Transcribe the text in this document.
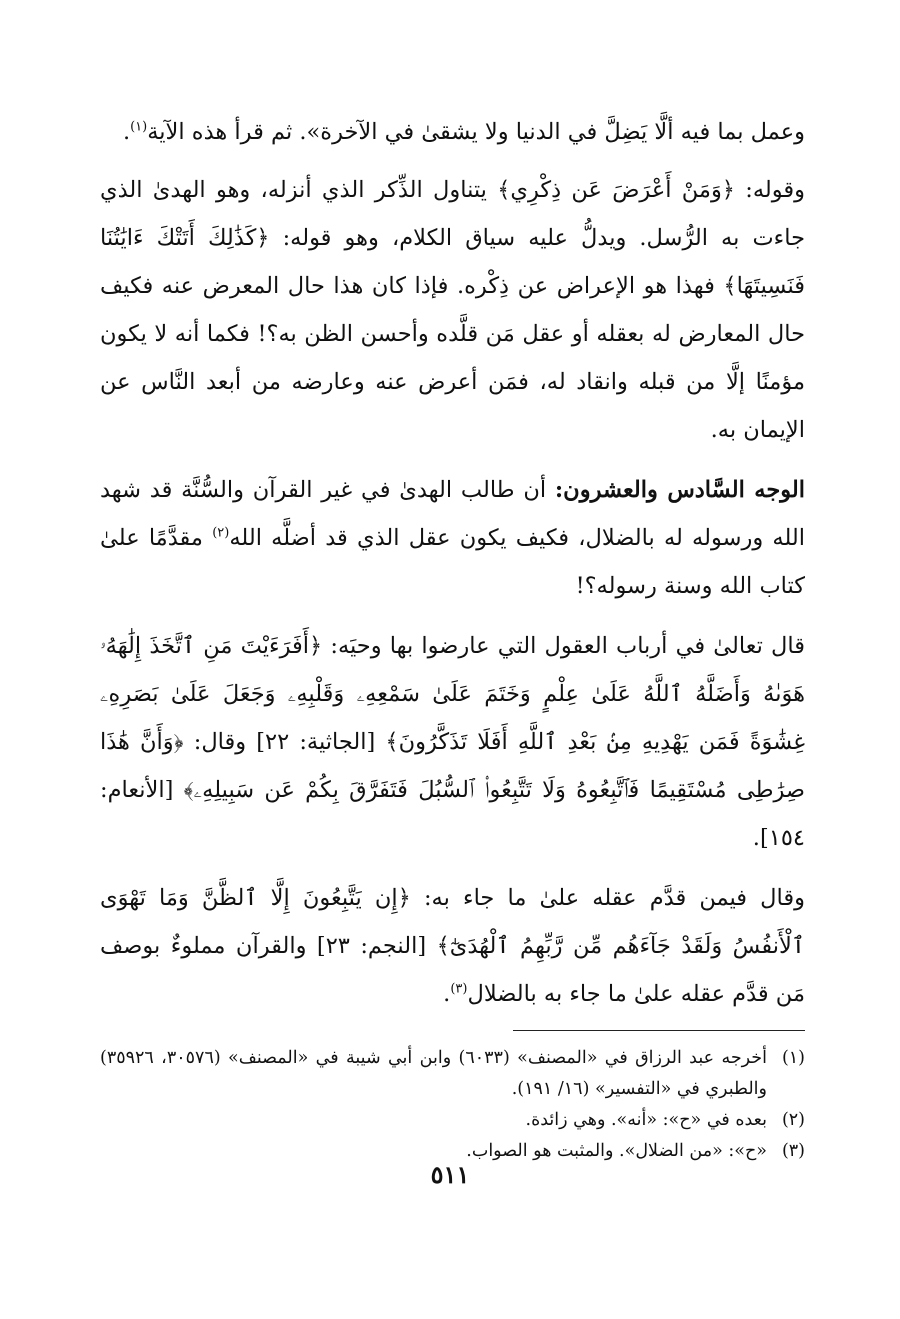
وعمل بما فيه ألَّا يَضِلَّ في الدنيا ولا يشقىٰ في الآخرة». ثم قرأ هذه الآية$^{(١)}$.

وقوله: ﴿وَمَنْ أَعْرَضَ عَن ذِكْرِي﴾ يتناول الذِّكر الذي أنزله، وهو الهدىٰ الذي جاءت به الرُّسل. ويدلُّ عليه سياق الكلام، وهو قوله: ﴿كَذَٰلِكَ أَتَتْكَ ءَايَٰتُنَا فَنَسِيتَهَا﴾ فهذا هو الإعراض عن ذِكْره. فإذا كان هذا حال المعرض عنه فكيف حال المعارض له بعقله أو عقل مَن قلَّده وأحسن الظن به؟! فكما أنه لا يكون مؤمنًا إلَّا من قبله وانقاد له، فمَن أعرض عنه وعارضه من أبعد النَّاس عن الإيمان به.

الوجه السَّادس والعشرون: أن طالب الهدىٰ في غير القرآن والسُّنَّة قد شهد الله ورسوله له بالضلال، فكيف يكون عقل الذي قد أضلَّه الله$^{(٢)}$ مقدَّمًا علىٰ كتاب الله وسنة رسوله؟!

قال تعالىٰ في أرباب العقول التي عارضوا بها وحيَه: ﴿أَفَرَءَيْتَ مَنِ ٱتَّخَذَ إِلَٰهَهُۥ هَوَىٰهُ وَأَضَلَّهُ ٱللَّهُ عَلَىٰ عِلْمٍ وَخَتَمَ عَلَىٰ سَمْعِهِۦ وَقَلْبِهِۦ وَجَعَلَ عَلَىٰ بَصَرِهِۦ غِشَٰوَةً فَمَن يَهْدِيهِ مِنۢ بَعْدِ ٱللَّهِ أَفَلَا تَذَكَّرُونَ﴾ [الجاثية: ٢٢] وقال: ﴿وَأَنَّ هَٰذَا صِرَٰطِى مُسْتَقِيمًا فَٱتَّبِعُوهُ وَلَا تَتَّبِعُوا۟ ٱلسُّبُلَ فَتَفَرَّقَ بِكُمْ عَن سَبِيلِهِۦ﴾ [الأنعام: ١٥٤].

وقال فيمن قدَّم عقله علىٰ ما جاء به: ﴿إِن يَتَّبِعُونَ إِلَّا ٱلظَّنَّ وَمَا تَهْوَى ٱلْأَنفُسُ وَلَقَدْ جَآءَهُم مِّن رَّبِّهِمُ ٱلْهُدَىٰٓ﴾ [النجم: ٢٣] والقرآن مملوءٌ بوصف مَن قدَّم عقله علىٰ ما جاء به بالضلال$^{(٣)}$.

(١)
أخرجه عبد الرزاق في «المصنف» (٦٠٣٣) وابن أبي شيبة في «المصنف» (٣٠٥٧٦، ٣٥٩٢٦) والطبري في «التفسير» (١٦/ ١٩١).
(٢)
بعده في «ح»: «أنه». وهي زائدة.
(٣)
«ح»: «من الضلال». والمثبت هو الصواب.
٥١١
